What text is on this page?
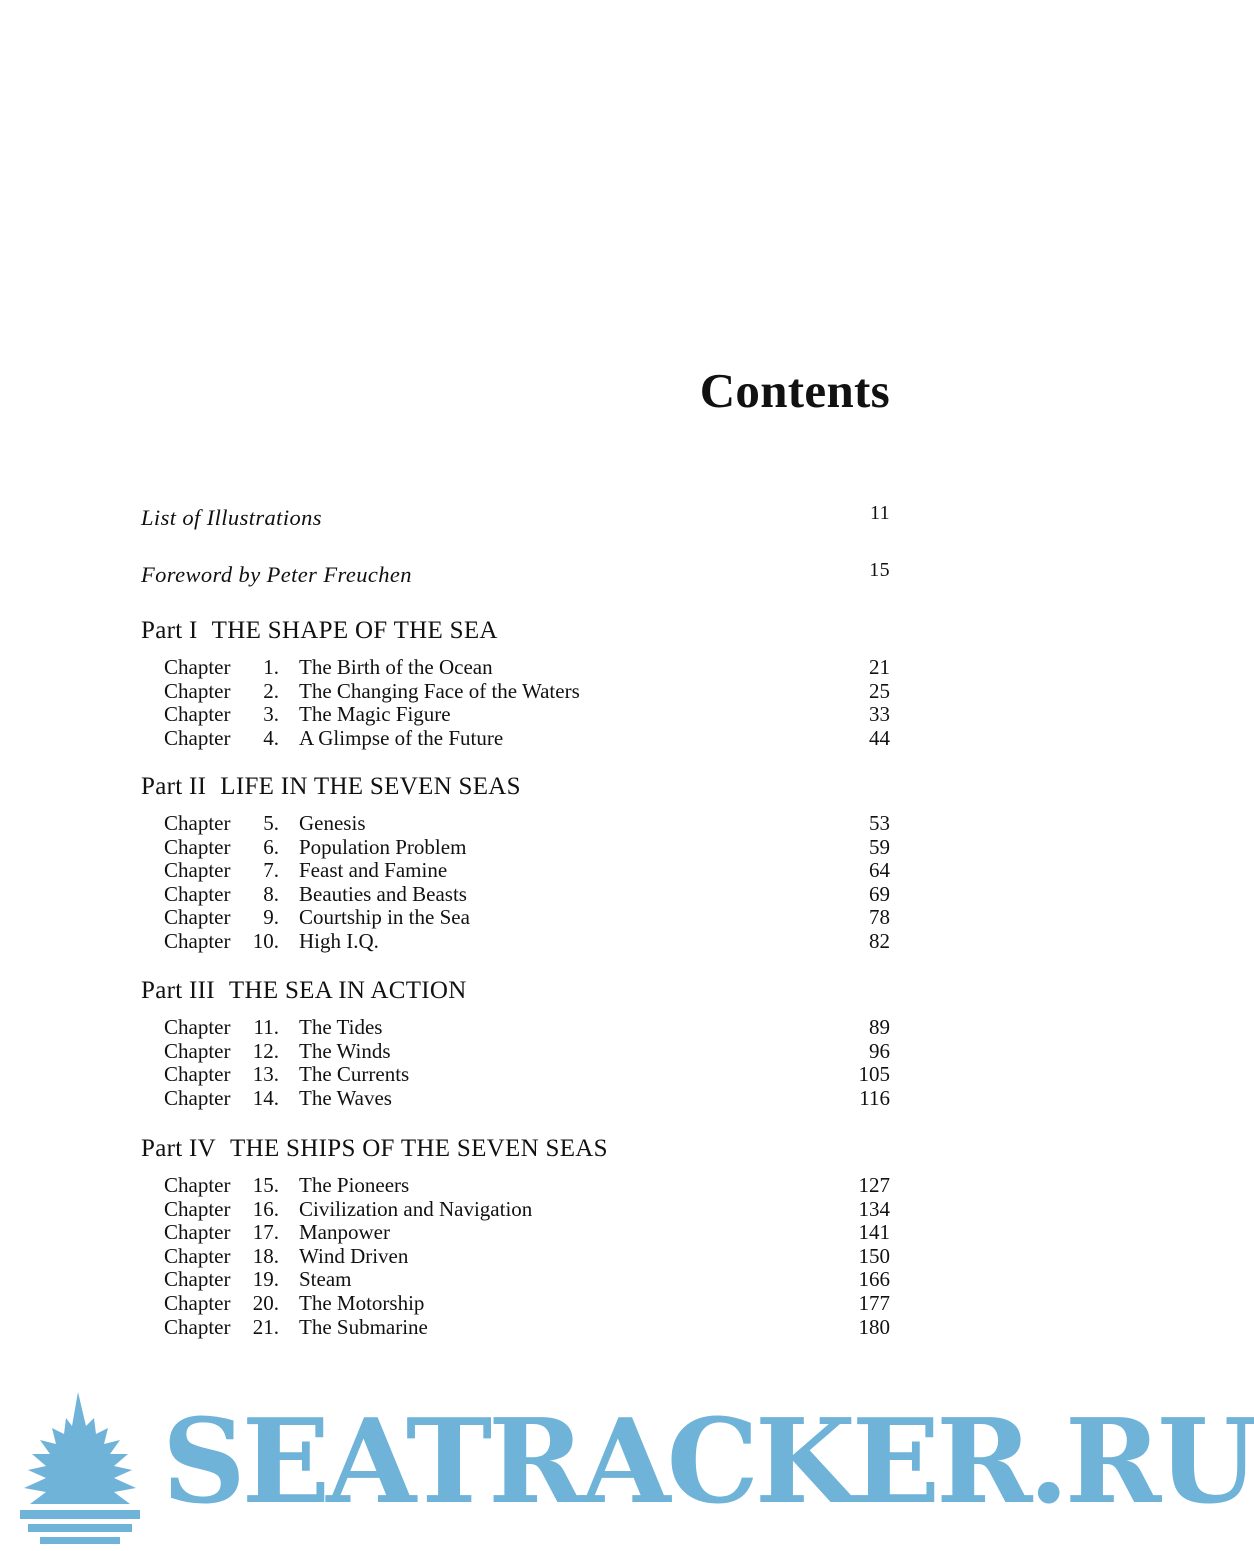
Contents
List of Illustrations	11
Foreword by Peter Freuchen	15
Part I THE SHAPE OF THE SEA
Chapter 1. The Birth of the Ocean	21
Chapter 2. The Changing Face of the Waters	25
Chapter 3. The Magic Figure	33
Chapter 4. A Glimpse of the Future	44
Part II LIFE IN THE SEVEN SEAS
Chapter 5. Genesis	53
Chapter 6. Population Problem	59
Chapter 7. Feast and Famine	64
Chapter 8. Beauties and Beasts	69
Chapter 9. Courtship in the Sea	78
Chapter 10. High I.Q.	82
Part III THE SEA IN ACTION
Chapter 11. The Tides	89
Chapter 12. The Winds	96
Chapter 13. The Currents	105
Chapter 14. The Waves	116
Part IV THE SHIPS OF THE SEVEN SEAS
Chapter 15. The Pioneers	127
Chapter 16. Civilization and Navigation	134
Chapter 17. Manpower	141
Chapter 18. Wind Driven	150
Chapter 19. Steam	166
Chapter 20. The Motorship	177
Chapter 21. The Submarine	180
SEATRACKER.RU
